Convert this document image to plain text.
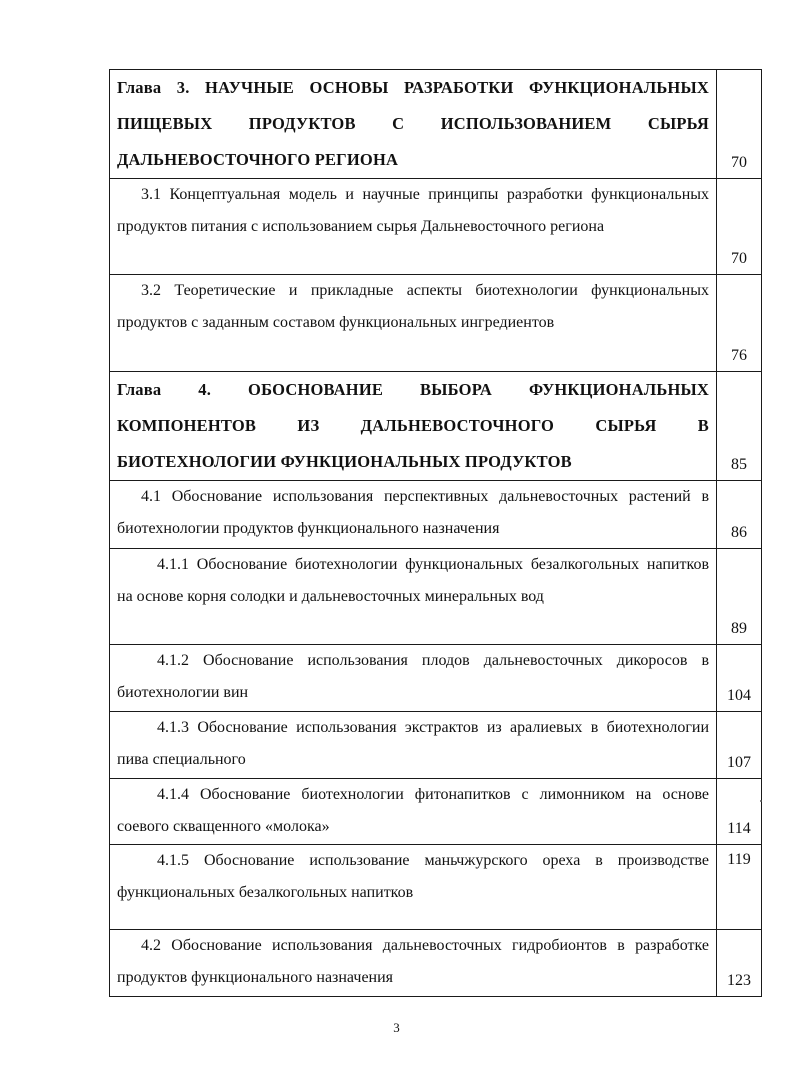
Глава 3. НАУЧНЫЕ ОСНОВЫ РАЗРАБОТКИ ФУНКЦИОНАЛЬНЫХ ПИЩЕВЫХ ПРОДУКТОВ С ИСПОЛЬЗОВАНИЕМ СЫРЬЯ ДАЛЬНЕВОСТОЧНОГО РЕГИОНА	70

3.1 Концептуальная модель и научные принципы разработки функциональных продуктов питания с использованием сырья Дальневосточного региона	70

3.2 Теоретические и прикладные аспекты биотехнологии функциональных продуктов с заданным составом функциональных ингредиентов	76

Глава 4. ОБОСНОВАНИЕ ВЫБОРА ФУНКЦИОНАЛЬНЫХ КОМПОНЕНТОВ ИЗ ДАЛЬНЕВОСТОЧНОГО СЫРЬЯ В БИОТЕХНОЛОГИИ ФУНКЦИОНАЛЬНЫХ ПРОДУКТОВ	85

4.1 Обоснование использования перспективных дальневосточных растений в биотехнологии продуктов функционального назначения	86

4.1.1 Обоснование биотехнологии функциональных безалкогольных напитков на основе корня солодки и дальневосточных минеральных вод	89

4.1.2 Обоснование использования плодов дальневосточных дикоросов в биотехнологии вин	104

4.1.3 Обоснование использования экстрактов из аралиевых в биотехнологии пива специального	107

4.1.4 Обоснование биотехнологии фитонапитков с лимонником на основе соевого скващенного «молока»	114

4.1.5 Обоснование использование маньчжурского ореха в производстве функциональных безалкогольных напитков	119

4.2 Обоснование использования дальневосточных гидробионтов в разработке продуктов функционального назначения	123
3
